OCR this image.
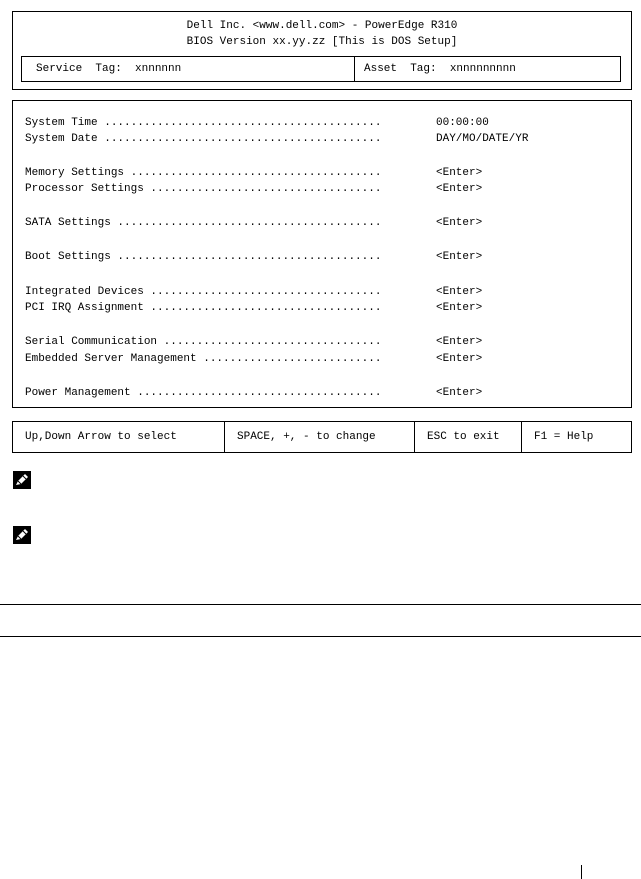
Dell Inc. <www.dell.com> - PowerEdge R310
BIOS Version xx.yy.zz [This is DOS Setup]
Service  Tag:  xnnnnnn	Asset  Tag:  xnnnnnnnnn
System Time ..........................................	00:00:00
System Date ..........................................	DAY/MO/DATE/YR
Memory Settings ......................................	<Enter>
Processor Settings ...................................	<Enter>
SATA Settings ........................................	<Enter>
Boot Settings ........................................	<Enter>
Integrated Devices ...................................	<Enter>
PCI IRQ Assignment ...................................	<Enter>
Serial Communication .................................	<Enter>
Embedded Server Management ...........................	<Enter>
Power Management .....................................	<Enter>
Up,Down Arrow to select	SPACE, +, - to change	ESC to exit	F1 = Help
